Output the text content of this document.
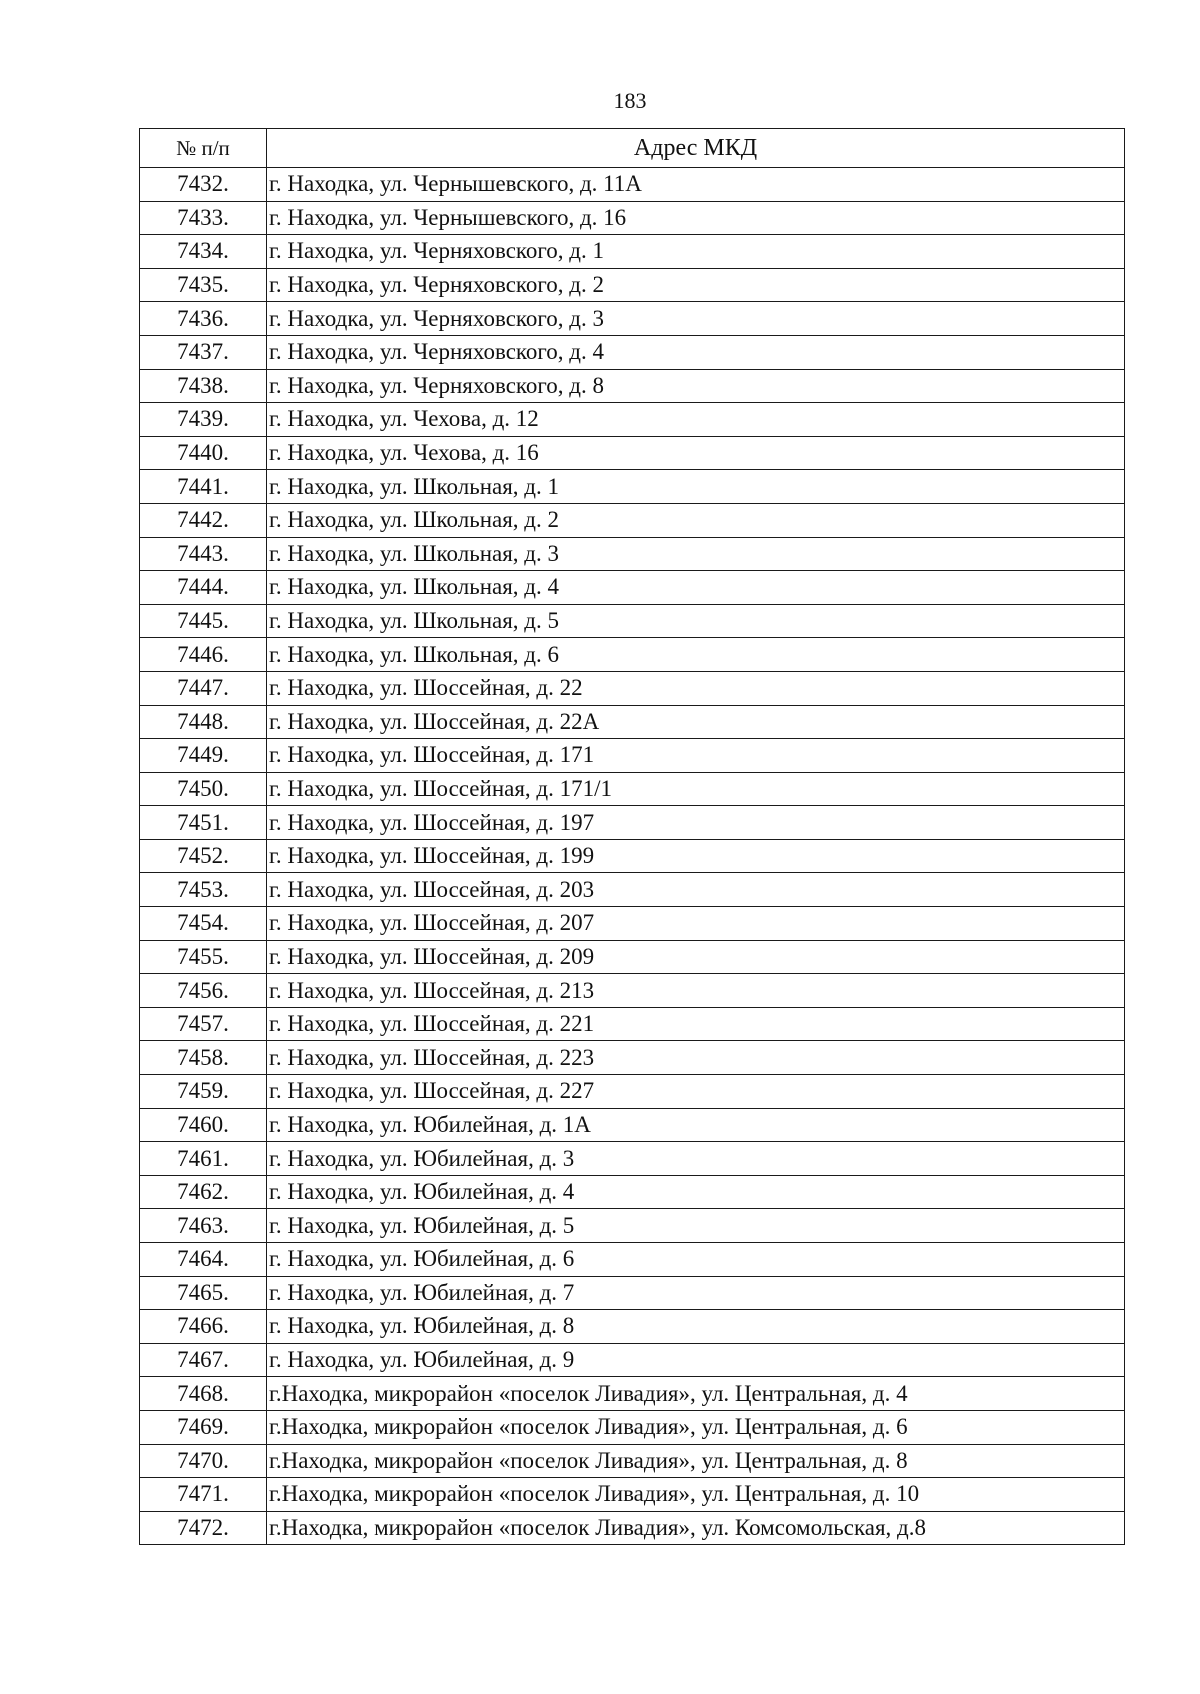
183
№ п/п	Адрес МКД
7432.	г. Находка, ул. Чернышевского, д. 11А
7433.	г. Находка, ул. Чернышевского, д. 16
7434.	г. Находка, ул. Черняховского, д. 1
7435.	г. Находка, ул. Черняховского, д. 2
7436.	г. Находка, ул. Черняховского, д. 3
7437.	г. Находка, ул. Черняховского, д. 4
7438.	г. Находка, ул. Черняховского, д. 8
7439.	г. Находка, ул. Чехова, д. 12
7440.	г. Находка, ул. Чехова, д. 16
7441.	г. Находка, ул. Школьная, д. 1
7442.	г. Находка, ул. Школьная, д. 2
7443.	г. Находка, ул. Школьная, д. 3
7444.	г. Находка, ул. Школьная, д. 4
7445.	г. Находка, ул. Школьная, д. 5
7446.	г. Находка, ул. Школьная, д. 6
7447.	г. Находка, ул. Шоссейная, д. 22
7448.	г. Находка, ул. Шоссейная, д. 22А
7449.	г. Находка, ул. Шоссейная, д. 171
7450.	г. Находка, ул. Шоссейная, д. 171/1
7451.	г. Находка, ул. Шоссейная, д. 197
7452.	г. Находка, ул. Шоссейная, д. 199
7453.	г. Находка, ул. Шоссейная, д. 203
7454.	г. Находка, ул. Шоссейная, д. 207
7455.	г. Находка, ул. Шоссейная, д. 209
7456.	г. Находка, ул. Шоссейная, д. 213
7457.	г. Находка, ул. Шоссейная, д. 221
7458.	г. Находка, ул. Шоссейная, д. 223
7459.	г. Находка, ул. Шоссейная, д. 227
7460.	г. Находка, ул. Юбилейная, д. 1А
7461.	г. Находка, ул. Юбилейная, д. 3
7462.	г. Находка, ул. Юбилейная, д. 4
7463.	г. Находка, ул. Юбилейная, д. 5
7464.	г. Находка, ул. Юбилейная, д. 6
7465.	г. Находка, ул. Юбилейная, д. 7
7466.	г. Находка, ул. Юбилейная, д. 8
7467.	г. Находка, ул. Юбилейная, д. 9
7468.	г.Находка, микрорайон «поселок Ливадия», ул. Центральная, д. 4
7469.	г.Находка, микрорайон «поселок Ливадия», ул. Центральная, д. 6
7470.	г.Находка, микрорайон «поселок Ливадия», ул. Центральная, д. 8
7471.	г.Находка, микрорайон «поселок Ливадия», ул. Центральная, д. 10
7472.	г.Находка, микрорайон «поселок Ливадия», ул. Комсомольская, д.8
